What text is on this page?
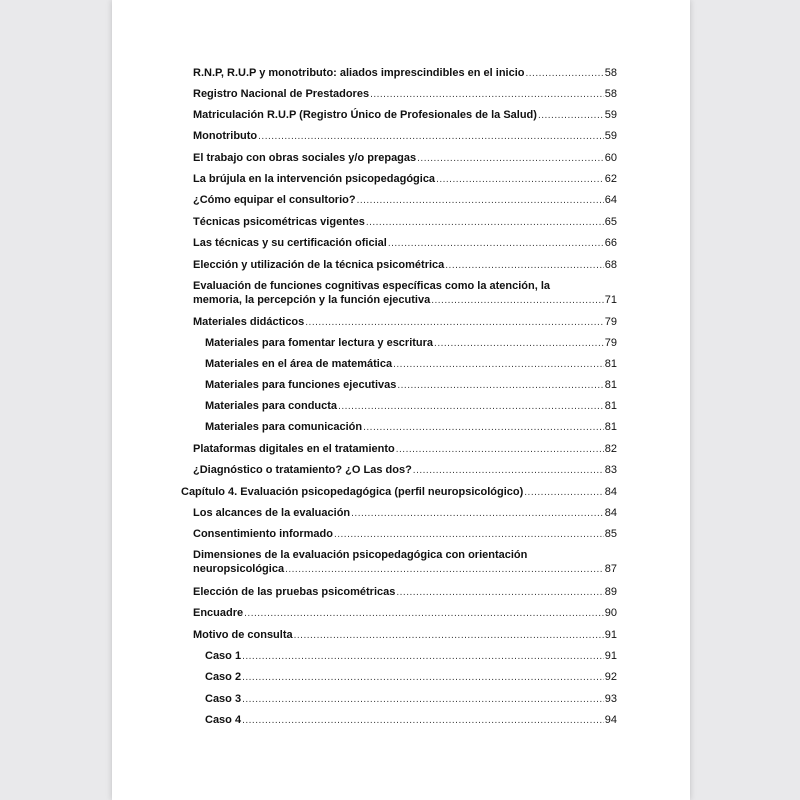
R.N.P, R.U.P y monotributo: aliados imprescindibles en el inicio .....	58
Registro Nacional de Prestadores .....	58
Matriculación R.U.P (Registro Único de Profesionales de la Salud) .....	59
Monotributo .....	59
El trabajo con obras sociales y/o prepagas .....	60
La brújula en la intervención psicopedagógica .....	62
¿Cómo equipar el consultorio? .....	64
Técnicas psicométricas vigentes .....	65
Las técnicas y su certificación oficial .....	66
Elección y utilización de la técnica psicométrica .....	68
Evaluación de funciones cognitivas específicas como la atención, la
memoria, la percepción y la función ejecutiva .....	71
Materiales didácticos .....	79
Materiales para fomentar lectura y escritura .....	79
Materiales en el área de matemática .....	81
Materiales para funciones ejecutivas .....	81
Materiales para conducta .....	81
Materiales para comunicación .....	81
Plataformas digitales en el tratamiento .....	82
¿Diagnóstico o tratamiento? ¿O Las dos? .....	83
Capítulo 4. Evaluación psicopedagógica (perfil neuropsicológico) .....	84
Los alcances de la evaluación .....	84
Consentimiento informado .....	85
Dimensiones de la evaluación psicopedagógica con orientación
neuropsicológica .....	87
Elección de las pruebas psicométricas .....	89
Encuadre .....	90
Motivo de consulta .....	91
Caso 1 .....	91
Caso 2 .....	92
Caso 3 .....	93
Caso 4 .....	94
